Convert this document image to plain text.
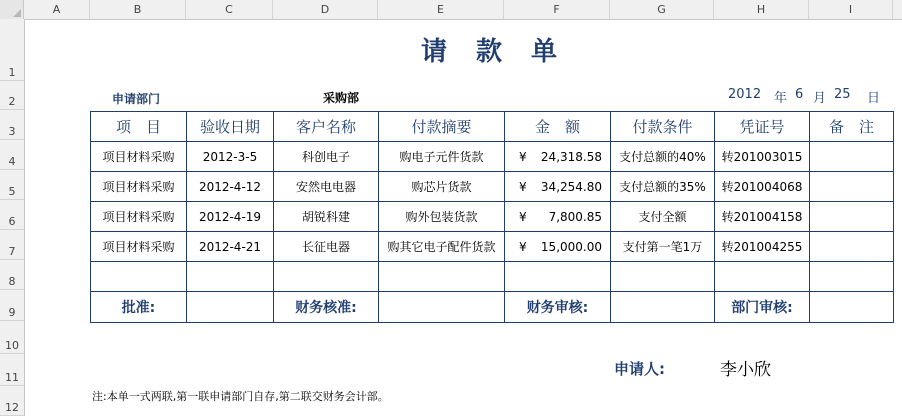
A	B	C	D	E	F	G	H	I
1
2
3
4
5
6
7
8
9
10
11
12
请 款 单
申请部门	采购部	2012 年 6 月 25 日
项　目	验收日期	客户名称	付款摘要	金　额	付款条件	凭证号	备　注
项目材料采购	2012-3-5	科创电子	购电子元件货款	¥ 24,318.58	支付总额的40%	转201003015	
项目材料采购	2012-4-12	安然电电器	购芯片货款	¥ 34,254.80	支付总额的35%	转201004068	
项目材料采购	2012-4-19	胡锐科建	购外包装货款	¥ 7,800.85	支付全额	转201004158	
项目材料采购	2012-4-21	长征电器	购其它电子配件货款	¥ 15,000.00	支付第一笔1万	转201004255	

批准:		财务核准:		财务审核:		部门审核:	
申请人:	李小欣
注:本单一式两联,第一联申请部门自存,第二联交财务会计部。
